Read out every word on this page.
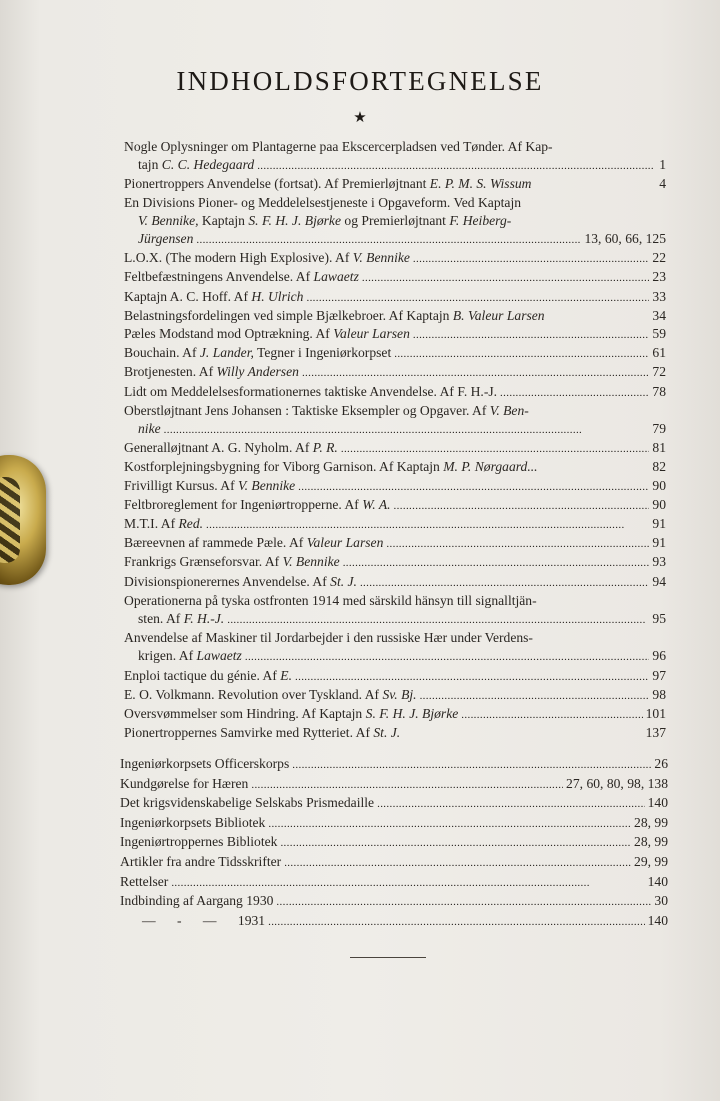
INDHOLDSFORTEGNELSE
★
Nogle Oplysninger om Plantagerne paa Ekscercerpladsen ved Tønder. Af Kap-
tajn C. C. Hedegaard . . .	1
Pionertroppers Anvendelse (fortsat). Af Premierløjtnant E. P. M. S. Wissum	4
En Divisions Pioner- og Meddelelsestjeneste i Opgaveform. Ved Kaptajn
V. Bennike, Kaptajn S. F. H. J. Bjørke og Premierløjtnant F. Heiberg-
Jürgensen . . .	13, 60, 66, 125
L.O.X. (The modern High Explosive). Af V. Bennike . . .	22
Feltbefæstningens Anvendelse. Af Lawaetz . . .	23
Kaptajn A. C. Hoff. Af H. Ulrich . . .	33
Belastningsfordelingen ved simple Bjælkebroer. Af Kaptajn B. Valeur Larsen	34
Pæles Modstand mod Optrækning. Af Valeur Larsen . . .	59
Bouchain. Af J. Lander, Tegner i Ingeniørkorpset . . .	61
Brotjenesten. Af Willy Andersen . . .	72
Lidt om Meddelelsesformationernes taktiske Anvendelse. Af F. H.-J. . . .	78
Oberstløjtnant Jens Johansen : Taktiske Eksempler og Opgaver. Af V. Ben-
nike . . .	79
Generalløjtnant A. G. Nyholm. Af P. R. . . .	81
Kostforplejningsbygning for Viborg Garnison. Af Kaptajn M. P. Nørgaard...	82
Frivilligt Kursus. Af V. Bennike . . .	90
Feltbroreglement for Ingeniørtropperne. Af W. A. . . .	90
M.T.I. Af Red. . . .	91
Bæreevnen af rammede Pæle. Af Valeur Larsen . . .	91
Frankrigs Grænseforsvar. Af V. Bennike . . .	93
Divisionspionerernes Anvendelse. Af St. J. . . .	94
Operationerna på tyska ostfronten 1914 med särskild hänsyn till signalltjän-
sten. Af F. H.-J. . . .	95
Anvendelse af Maskiner til Jordarbejder i den russiske Hær under Verdens-
krigen. Af Lawaetz . . .	96
Enploi tactique du génie. Af E. . . .	97
E. O. Volkmann. Revolution over Tyskland. Af Sv. Bj. . . .	98
Oversvømmelser som Hindring. Af Kaptajn S. F. H. J. Bjørke . . .	101
Pionertroppernes Samvirke med Rytteriet. Af St. J.	137
Ingeniørkorpsets Officerskorps . . .	26
Kundgørelse for Hæren . . .	27, 60, 80, 98, 138
Det krigsvidenskabelige Selskabs Prismedaille . . .	140
Ingeniørkorpsets Bibliotek . . .	28, 99
Ingeniørtroppernes Bibliotek . . .	28, 99
Artikler fra andre Tidsskrifter . . .	29, 99
Rettelser . . .	140
Indbinding af Aargang 1930 . . .	30
— - — 1931 . . .	140
